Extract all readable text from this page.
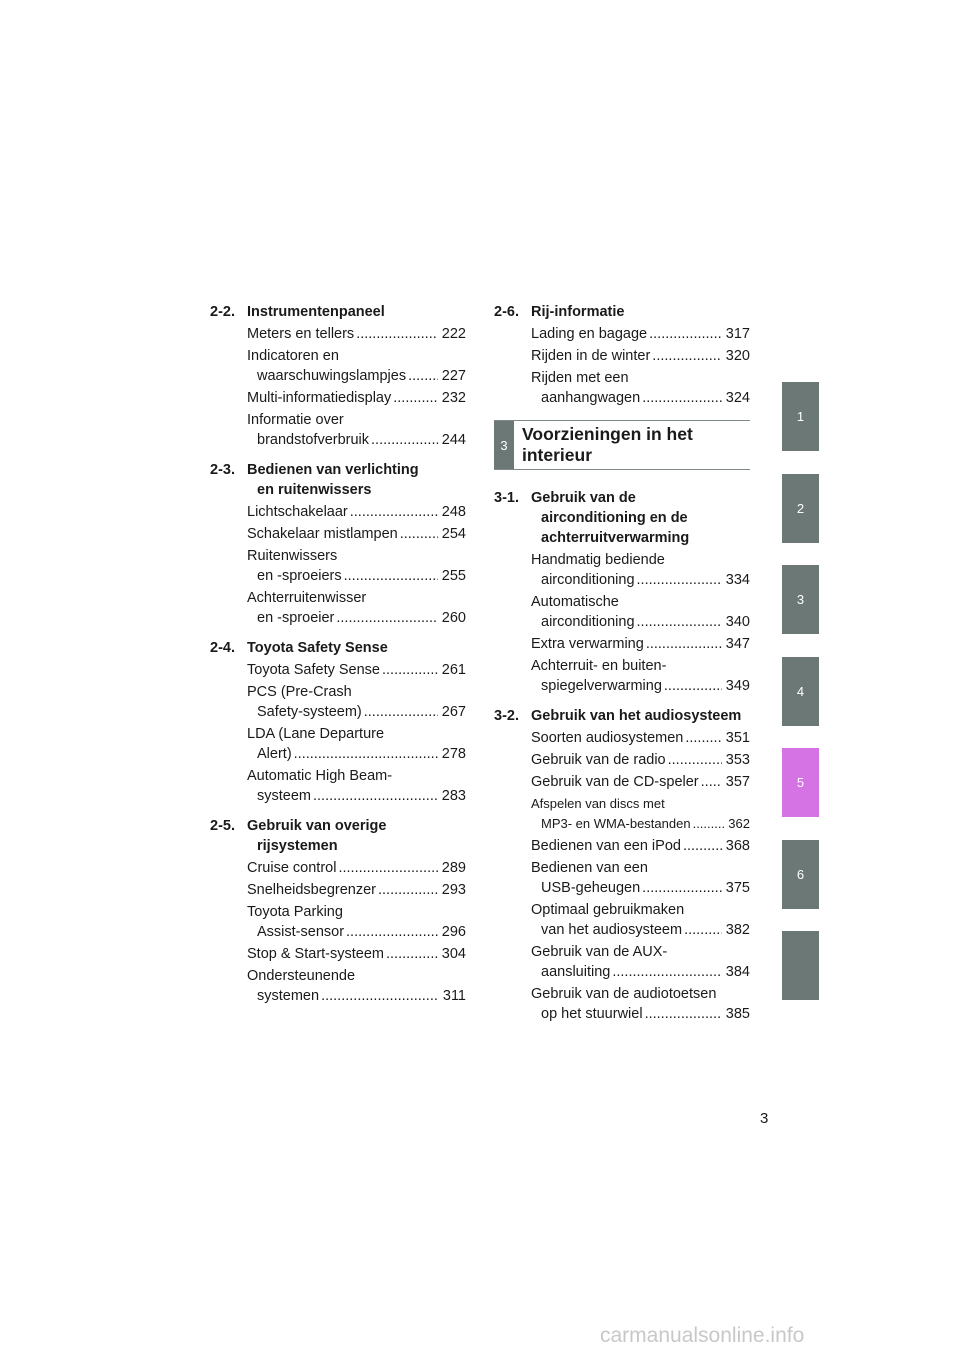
2-2. Instrumentenpaneel
Meters en tellers .....	222
Indicatoren en
waarschuwingslampjes ..... 227
Multi-informatiedisplay .....	232
Informatie over
brandstofverbruik .....	244
2-3. Bedienen van verlichting

en ruitenwissers
Lichtschakelaar .....	248
Schakelaar mistlampen .....	254
Ruitenwissers
en -sproeiers .....	255
Achterruitenwisser
en -sproeier .....	260
2-4. Toyota Safety Sense
Toyota Safety Sense .....	261
PCS (Pre-Crash
Safety-systeem) .....	267
LDA (Lane Departure
Alert) .....	278
Automatic High Beam-
systeem .....	283
2-5. Gebruik van overige

rijsystemen
Cruise control .....	289
Snelheidsbegrenzer .....	293
Toyota Parking
Assist-sensor .....	296
Stop & Start-systeem .....	304
Ondersteunende
systemen .....	311
2-6. Rij-informatie
Lading en bagage .....	317
Rijden in de winter .....	320
Rijden met een
aanhangwagen .....	324
3
Voorzieningen in het
interieur
3-1. Gebruik van de

airconditioning en de
achterruitverwarming
Handmatig bediende
airconditioning .....	334
Automatische
airconditioning .....	340
Extra verwarming .....	347
Achterruit- en buiten-
spiegelverwarming .....	349
3-2. Gebruik van het audiosysteem
Soorten audiosystemen .....	351
Gebruik van de radio .....	353
Gebruik van de CD-speler ..... 357
Afspelen van discs met
MP3- en WMA-bestanden .....	362
Bedienen van een iPod .....	368
Bedienen van een
USB-geheugen .....	375
Optimaal gebruikmaken
van het audiosysteem .....	382
Gebruik van de AUX-
aansluiting .....	384
Gebruik van de audiotoetsen
op het stuurwiel .....	385
1
2
3
4
5
6
3
carmanualsonline.info
